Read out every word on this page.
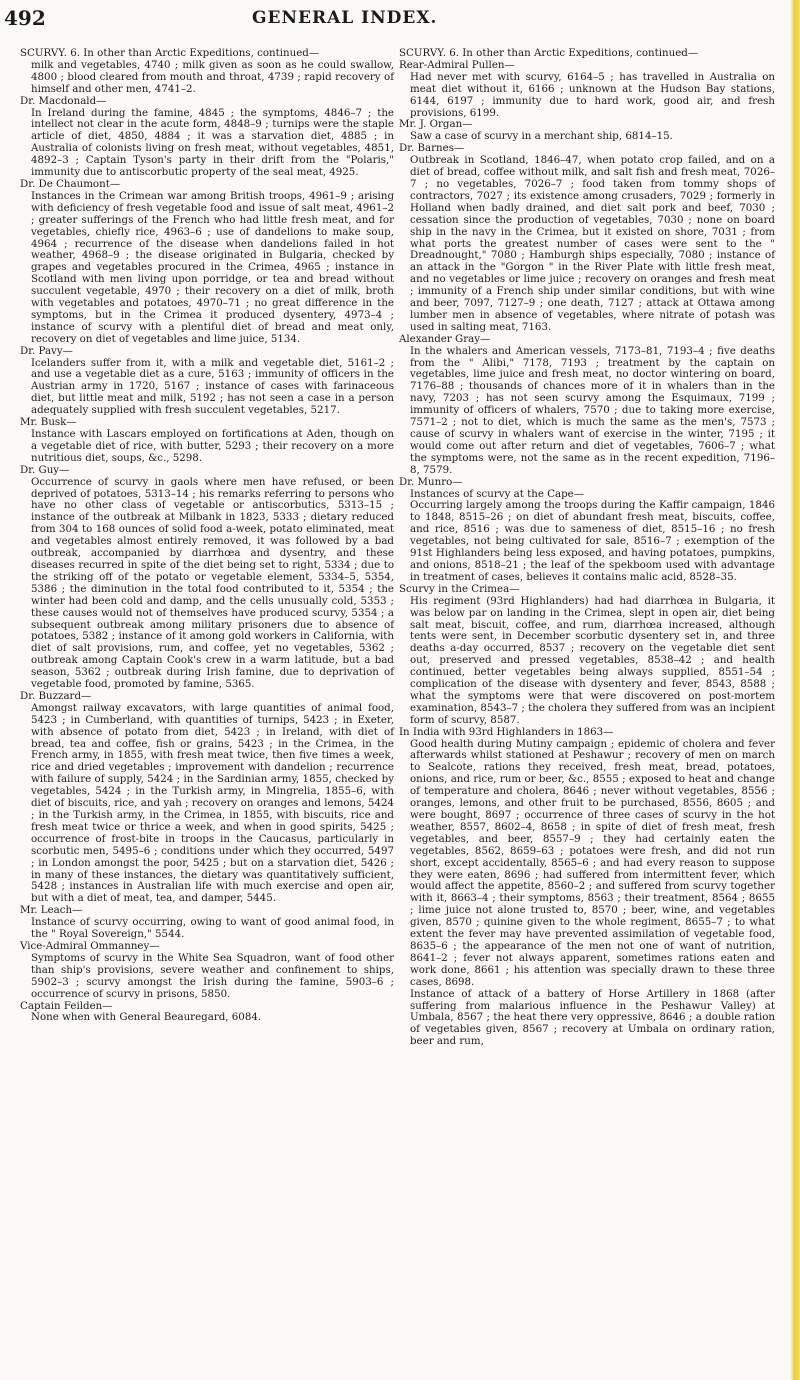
492	GENERAL INDEX.

SCURVY. 6. In other than Arctic Expeditions, continued—

milk and vegetables, 4740 ; milk given as soon as he could swallow, 4800 ; blood cleared from mouth and throat, 4739 ; rapid recovery of himself and other men, 4741–2.

Dr. Macdonald—

In Ireland during the famine, 4845 ; the symptoms, 4846–7 ; the intellect not clear in the acute form, 4848–9 ; turnips were the staple article of diet, 4850, 4884 ; it was a starvation diet, 4885 ; in Australia of colonists living on fresh meat, without vegetables, 4851, 4892–3 ; Captain Tyson's party in their drift from the "Polaris," immunity due to antiscorbutic property of the seal meat, 4925.

Dr. De Chaumont—

Instances in the Crimean war among British troops, 4961–9 ; arising with deficiency of fresh vegetable food and issue of salt meat, 4961–2 ; greater sufferings of the French who had little fresh meat, and for vegetables, chiefly rice, 4963–6 ; use of dandelions to make soup, 4964 ; recurrence of the disease when dandelions failed in hot weather, 4968–9 ; the disease originated in Bulgaria, checked by grapes and vegetables procured in the Crimea, 4965 ; instance in Scotland with men living upon porridge, or tea and bread without succulent vegetable, 4970 ; their recovery on a diet of milk, broth with vegetables and potatoes, 4970–71 ; no great difference in the symptoms, but in the Crimea it produced dysentery, 4973–4 ; instance of scurvy with a plentiful diet of bread and meat only, recovery on diet of vegetables and lime juice, 5134.

Dr. Pavy—

Icelanders suffer from it, with a milk and vegetable diet, 5161–2 ; and use a vegetable diet as a cure, 5163 ; immunity of officers in the Austrian army in 1720, 5167 ; instance of cases with farinaceous diet, but little meat and milk, 5192 ; has not seen a case in a person adequately supplied with fresh succulent vegetables, 5217.

Mr. Busk—

Instance with Lascars employed on fortifications at Aden, though on a vegetable diet of rice, with butter, 5293 ; their recovery on a more nutritious diet, soups, &c., 5298.

Dr. Guy—

Occurrence of scurvy in gaols where men have refused, or been deprived of potatoes, 5313–14 ; his remarks referring to persons who have no other class of vegetable or antiscorbutics, 5313–15 ; instance of the outbreak at Milbank in 1823, 5333 ; dietary reduced from 304 to 168 ounces of solid food a-week, potato eliminated, meat and vegetables almost entirely removed, it was followed by a bad outbreak, accompanied by diarrhœa and dysentry, and these diseases recurred in spite of the diet being set to right, 5334 ; due to the striking off of the potato or vegetable element, 5334–5, 5354, 5386 ; the diminution in the total food contributed to it, 5354 ; the winter had been cold and damp, and the cells unusually cold, 5353 ; these causes would not of themselves have produced scurvy, 5354 ; a subsequent outbreak among military prisoners due to absence of potatoes, 5382 ; instance of it among gold workers in California, with diet of salt provisions, rum, and coffee, yet no vegetables, 5362 ; outbreak among Captain Cook's crew in a warm latitude, but a bad season, 5362 ; outbreak during Irish famine, due to deprivation of vegetable food, promoted by famine, 5365.

Dr. Buzzard—

Amongst railway excavators, with large quantities of animal food, 5423 ; in Cumberland, with quantities of turnips, 5423 ; in Exeter, with absence of potato from diet, 5423 ; in Ireland, with diet of bread, tea and coffee, fish or grains, 5423 ; in the Crimea, in the French army, in 1855, with fresh meat twice, then five times a week, rice and dried vegetables ; improvement with dandelion ; recurrence with failure of supply, 5424 ; in the Sardinian army, 1855, checked by vegetables, 5424 ; in the Turkish army, in Mingrelia, 1855–6, with diet of biscuits, rice, and yah ; recovery on oranges and lemons, 5424 ; in the Turkish army, in the Crimea, in 1855, with biscuits, rice and fresh meat twice or thrice a week, and when in good spirits, 5425 ; occurrence of frost-bite in troops in the Caucasus, particularly in scorbutic men, 5495–6 ; conditions under which they occurred, 5497 ; in London amongst the poor, 5425 ; but on a starvation diet, 5426 ; in many of these instances, the dietary was quantitatively sufficient, 5428 ; instances in Australian life with much exercise and open air, but with a diet of meat, tea, and damper, 5445.

Mr. Leach—

Instance of scurvy occurring, owing to want of good animal food, in the " Royal Sovereign," 5544.

Vice-Admiral Ommanney—

Symptoms of scurvy in the White Sea Squadron, want of food other than ship's provisions, severe weather and confinement to ships, 5902–3 ; scurvy amongst the Irish during the famine, 5903–6 ; occurrence of scurvy in prisons, 5850.

Captain Feilden—

None when with General Beauregard, 6084.

SCURVY. 6. In other than Arctic Expeditions, continued—

Rear-Admiral Pullen—

Had never met with scurvy, 6164–5 ; has travelled in Australia on meat diet without it, 6166 ; unknown at the Hudson Bay stations, 6144, 6197 ; immunity due to hard work, good air, and fresh provisions, 6199.

Mr. J. Organ—

Saw a case of scurvy in a merchant ship, 6814–15.

Dr. Barnes—

Outbreak in Scotland, 1846–47, when potato crop failed, and on a diet of bread, coffee without milk, and salt fish and fresh meat, 7026–7 ; no vegetables, 7026–7 ; food taken from tommy shops of contractors, 7027 ; its existence among crusaders, 7029 ; formerly in Holland when badly drained, and diet salt pork and beef, 7030 ; cessation since the production of vegetables, 7030 ; none on board ship in the navy in the Crimea, but it existed on shore, 7031 ; from what ports the greatest number of cases were sent to the " Dreadnought," 7080 ; Hamburgh ships especially, 7080 ; instance of an attack in the "Gorgon " in the River Plate with little fresh meat, and no vegetables or lime juice ; recovery on oranges and fresh meat ; immunity of a French ship under similar conditions, but with wine and beer, 7097, 7127–9 ; one death, 7127 ; attack at Ottawa among lumber men in absence of vegetables, where nitrate of potash was used in salting meat, 7163.

Alexander Gray—

In the whalers and American vessels, 7173–81, 7193–4 ; five deaths from the " Alibi," 7178, 7193 ; treatment by the captain on vegetables, lime juice and fresh meat, no doctor wintering on board, 7176–88 ; thousands of chances more of it in whalers than in the navy, 7203 ; has not seen scurvy among the Esquimaux, 7199 ; immunity of officers of whalers, 7570 ; due to taking more exercise, 7571–2 ; not to diet, which is much the same as the men's, 7573 ; cause of scurvy in whalers want of exercise in the winter, 7195 ; it would come out after return and diet of vegetables, 7606–7 ; what the symptoms were, not the same as in the recent expedition, 7196–8, 7579.

Dr. Munro—

Instances of scurvy at the Cape—

Occurring largely among the troops during the Kaffir campaign, 1846 to 1848, 8515–26 ; on diet of abundant fresh meat, biscuits, coffee, and rice, 8516 ; was due to sameness of diet, 8515–16 ; no fresh vegetables, not being cultivated for sale, 8516–7 ; exemption of the 91st Highlanders being less exposed, and having potatoes, pumpkins, and onions, 8518–21 ; the leaf of the spekboom used with advantage in treatment of cases, believes it contains malic acid, 8528–35.

Scurvy in the Crimea—

His regiment (93rd Highlanders) had had diarrhœa in Bulgaria, it was below par on landing in the Crimea, slept in open air, diet being salt meat, biscuit, coffee, and rum, diarrhœa increased, although tents were sent, in December scorbutic dysentery set in, and three deaths a-day occurred, 8537 ; recovery on the vegetable diet sent out, preserved and pressed vegetables, 8538–42 ; and health continued, better vegetables being always supplied, 8551–54 ; complication of the disease with dysentery and fever, 8543, 8588 ; what the symptoms were that were discovered on post-mortem examination, 8543–7 ; the cholera they suffered from was an incipient form of scurvy, 8587.

In India with 93rd Highlanders in 1863—

Good health during Mutiny campaign ; epidemic of cholera and fever afterwards whilst stationed at Peshawur ; recovery of men on march to Sealcote, rations they received, fresh meat, bread, potatoes, onions, and rice, rum or beer, &c., 8555 ; exposed to heat and change of temperature and cholera, 8646 ; never without vegetables, 8556 ; oranges, lemons, and other fruit to be purchased, 8556, 8605 ; and were bought, 8697 ; occurrence of three cases of scurvy in the hot weather, 8557, 8602–4, 8658 ; in spite of diet of fresh meat, fresh vegetables, and beer, 8557–9 ; they had certainly eaten the vegetables, 8562, 8659–63 ; potatoes were fresh, and did not run short, except accidentally, 8565–6 ; and had every reason to suppose they were eaten, 8696 ; had suffered from intermittent fever, which would affect the appetite, 8560–2 ; and suffered from scurvy together with it, 8663–4 ; their symptoms, 8563 ; their treatment, 8564 ; 8655 ; lime juice not alone trusted to, 8570 ; beer, wine, and vegetables given, 8570 ; quinine given to the whole regiment, 8655–7 ; to what extent the fever may have prevented assimilation of vegetable food, 8635–6 ; the appearance of the men not one of want of nutrition, 8641–2 ; fever not always apparent, sometimes rations eaten and work done, 8661 ; his attention was specially drawn to these three cases, 8698.

Instance of attack of a battery of Horse Artillery in 1868 (after suffering from malarious influence in the Peshawur Valley) at Umbala, 8567 ; the heat there very oppressive, 8646 ; a double ration of vegetables given, 8567 ; recovery at Umbala on ordinary ration, beer and rum,
